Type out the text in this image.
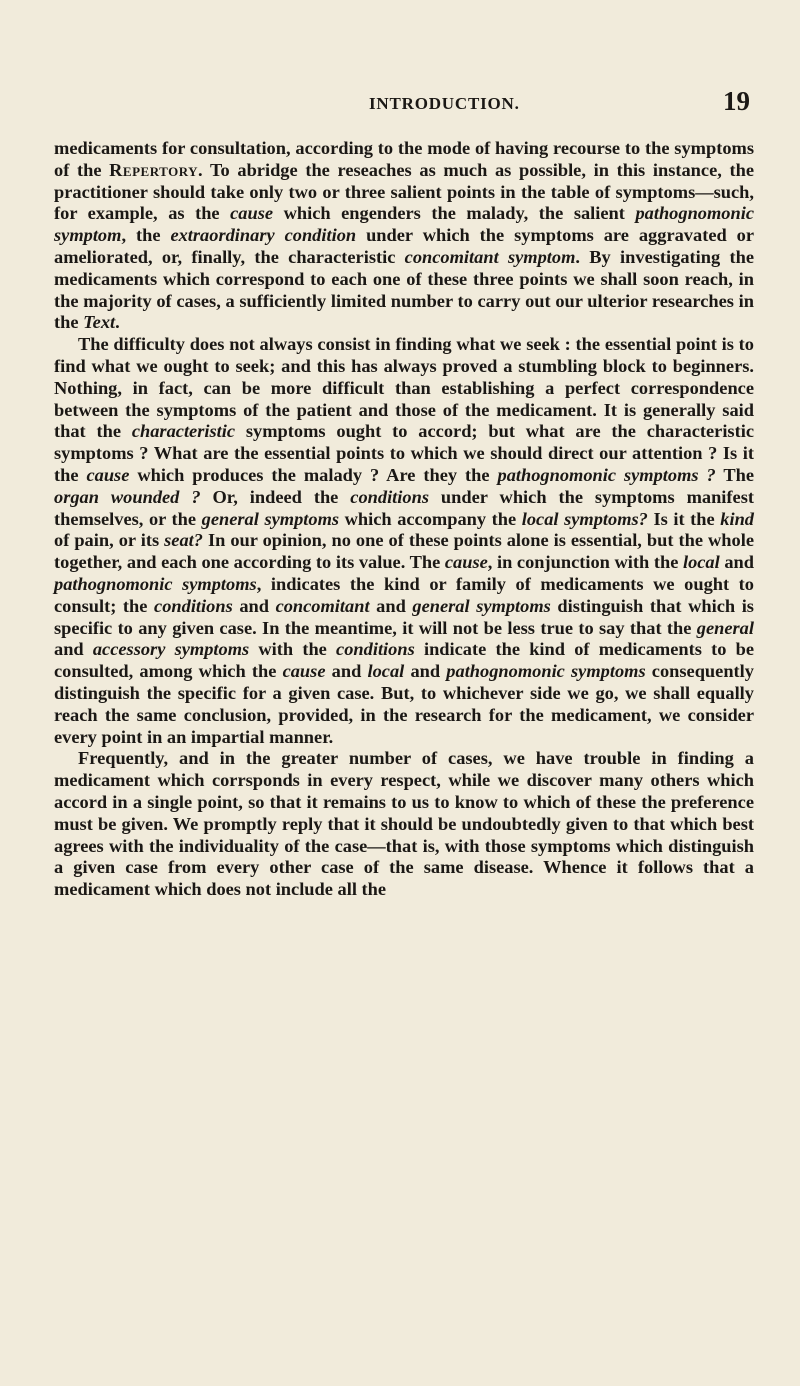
INTRODUCTION.	19

medicaments for consultation, according to the mode of having recourse to the symptoms of the Repertory. To abridge the reseaches as much as possible, in this instance, the practitioner should take only two or three salient points in the table of symptoms—such, for example, as the cause which engenders the malady, the salient pathognomonic symptom, the extraordinary condition under which the symptoms are aggravated or ameliorated, or, finally, the characteristic concomitant symptom. By investigating the medicaments which correspond to each one of these three points we shall soon reach, in the majority of cases, a sufficiently limited number to carry out our ulterior researches in the Text.

The difficulty does not always consist in finding what we seek : the essential point is to find what we ought to seek; and this has always proved a stumbling block to beginners. Nothing, in fact, can be more difficult than establishing a perfect correspondence between the symptoms of the patient and those of the medicament. It is generally said that the characteristic symptoms ought to accord; but what are the characteristic symptoms ? What are the essential points to which we should direct our attention ? Is it the cause which produces the malady ? Are they the pathognomonic symptoms ? The organ wounded ? Or, indeed the conditions under which the symptoms manifest themselves, or the general symptoms which accompany the local symptoms? Is it the kind of pain, or its seat? In our opinion, no one of these points alone is essential, but the whole together, and each one according to its value. The cause, in conjunction with the local and pathognomonic symptoms, indicates the kind or family of medicaments we ought to consult; the conditions and concomitant and general symptoms distinguish that which is specific to any given case. In the meantime, it will not be less true to say that the general and accessory symptoms with the conditions indicate the kind of medicaments to be consulted, among which the cause and local and pathognomonic symptoms consequently distinguish the specific for a given case. But, to whichever side we go, we shall equally reach the same conclusion, provided, in the research for the medicament, we consider every point in an impartial manner.

Frequently, and in the greater number of cases, we have trouble in finding a medicament which corrsponds in every respect, while we discover many others which accord in a single point, so that it remains to us to know to which of these the preference must be given. We promptly reply that it should be undoubtedly given to that which best agrees with the individuality of the case—that is, with those symptoms which distinguish a given case from every other case of the same disease. Whence it follows that a medicament which does not include all the
